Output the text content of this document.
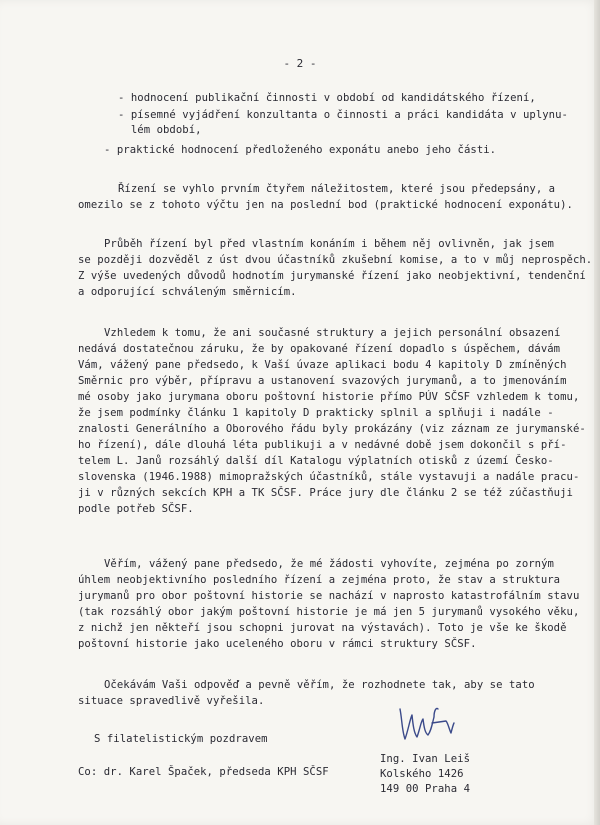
- 2 -
- hodnocení publikační činnosti v období od kandidátského řízení,
- písemné vyjádření konzultanta o činnosti a práci kandidáta v uplynu-
lém období,
- praktické hodnocení předloženého exponátu anebo jeho části.
Řízení se vyhlo prvním čtyřem náležitostem, které jsou předepsány, a
omezilo se z tohoto výčtu jen na poslední bod (praktické hodnocení exponátu).
Průběh řízení byl před vlastním konáním i během něj ovlivněn, jak jsem
se později dozvěděl z úst dvou účastníků zkušební komise, a to v můj neprospěch.
Z výše uvedených důvodů hodnotím jurymanské řízení jako neobjektivní, tendenční
a odporující schváleným směrnicím.
Vzhledem k tomu, že ani současné struktury a jejich personální obsazení
nedává dostatečnou záruku, že by opakované řízení dopadlo s úspěchem, dávám
Vám, vážený pane předsedo, k Vaší úvaze aplikaci bodu 4 kapitoly D zmíněných
Směrnic pro výběr, přípravu a ustanovení svazových jurymanů, a to jmenováním
mé osoby jako jurymana oboru poštovní historie přímo PÚV SČSF vzhledem k tomu,
že jsem podmínky článku 1 kapitoly D prakticky splnil a splňuji i nadále -
znalosti Generálního a Oborového řádu byly prokázány (viz záznam ze jurymanské-
ho řízení), dále dlouhá léta publikuji a v nedávné době jsem dokončil s pří-
telem L. Janů rozsáhlý další díl Katalogu výplatních otisků z území Česko-
slovenska (1946.1988) mimopražských účastníků, stále vystavuji a nadále pracu-
ji v různých sekcích KPH a TK SČSF. Práce jury dle článku 2 se též zúčastňuji
podle potřeb SČSF.
Věřím, vážený pane předsedo, že mé žádosti vyhovíte, zejména po zorným
úhlem neobjektivního posledního řízení a zejména proto, že stav a struktura
jurymanů pro obor poštovní historie se nachází v naprosto katastrofálním stavu
(tak rozsáhlý obor jakým poštovní historie je má jen 5 jurymanů vysokého věku,
z nichž jen někteří jsou schopni jurovat na výstavách). Toto je vše ke škodě
poštovní historie jako uceleného oboru v rámci struktury SČSF.
Očekávám Vaši odpověď a pevně věřím, že rozhodnete tak, aby se tato
situace spravedlivě vyřešila.
S filatelistickým pozdravem
Co: dr. Karel Špaček, předseda KPH SČSF
Ing. Ivan Leiš
Kolského 1426
149 00 Praha 4
